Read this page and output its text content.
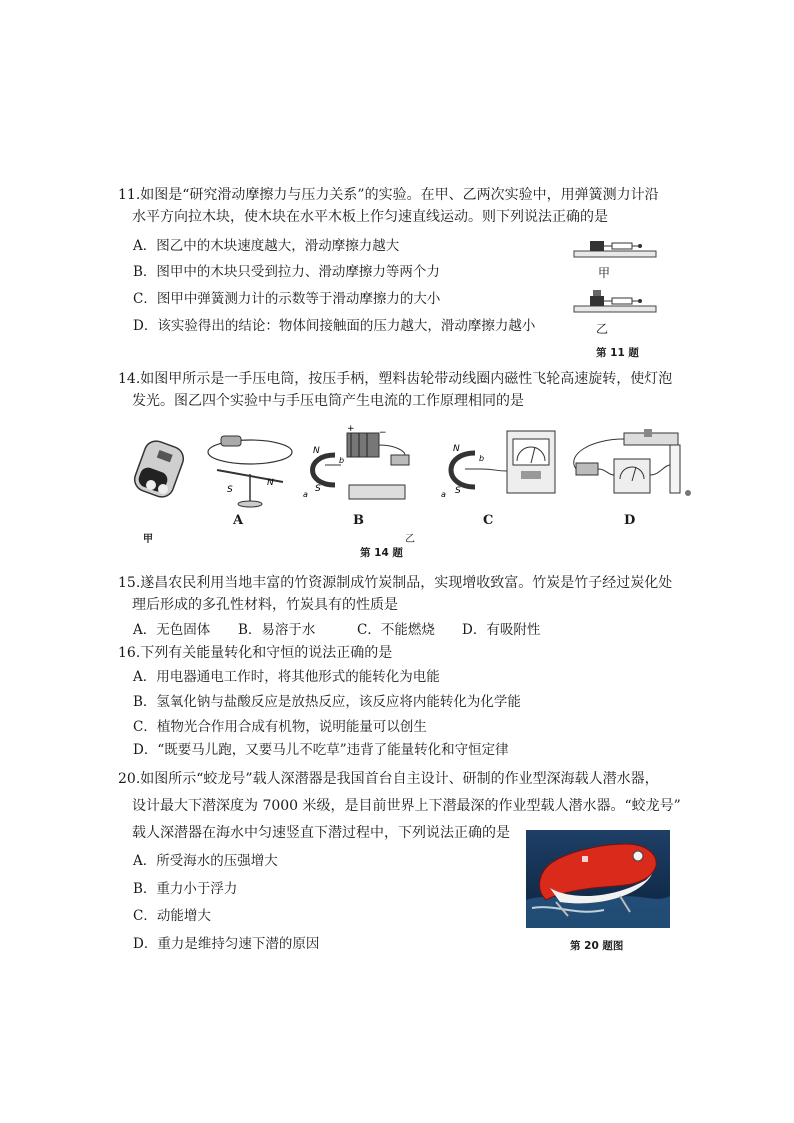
11.如图是“研究滑动摩擦力与压力关系”的实验。在甲、乙两次实验中，用弹簧测力计沿
水平方向拉木块，使木块在水平木板上作匀速直线运动。则下列说法正确的是

A．图乙中的木块速度越大，滑动摩擦力越大
B．图甲中的木块只受到拉力、滑动摩擦力等两个力
C．图甲中弹簧测力计的示数等于滑动摩擦力的大小
D．该实验得出的结论：物体间接触面的压力越大，滑动摩擦力越小
甲
乙
第 11 题

14.如图甲所示是一手压电筒，按压手柄，塑料齿轮带动线圈内磁性飞轮高速旋转，使灯泡
发光。图乙四个实验中与手压电筒产生电流的工作原理相同的是

S
N
+	−
N
S
a
b
N
S
a
b
A	B	C	D
甲	乙
第 14 题

15.遂昌农民利用当地丰富的竹资源制成竹炭制品，实现增收致富。竹炭是竹子经过炭化处
理后形成的多孔性材料，竹炭具有的性质是

A．无色固体 B．易溶于水	C．不能燃烧 D．有吸附性
16.下列有关能量转化和守恒的说法正确的是
A．用电器通电工作时，将其他形式的能转化为电能
B．氢氧化钠与盐酸反应是放热反应，该反应将内能转化为化学能
C．植物光合作用合成有机物，说明能量可以创生
D．“既要马儿跑，又要马儿不吃草”违背了能量转化和守恒定律

20.如图所示“蛟龙号”载人深潜器是我国首台自主设计、研制的作业型深海载人潜水器，
设计最大下潜深度为 7000 米级，是目前世界上下潜最深的作业型载人潜水器。“蛟龙号”
载人深潜器在海水中匀速竖直下潜过程中，下列说法正确的是

A．所受海水的压强增大
B．重力小于浮力
C．动能增大
D．重力是维持匀速下潜的原因	第 20 题图
